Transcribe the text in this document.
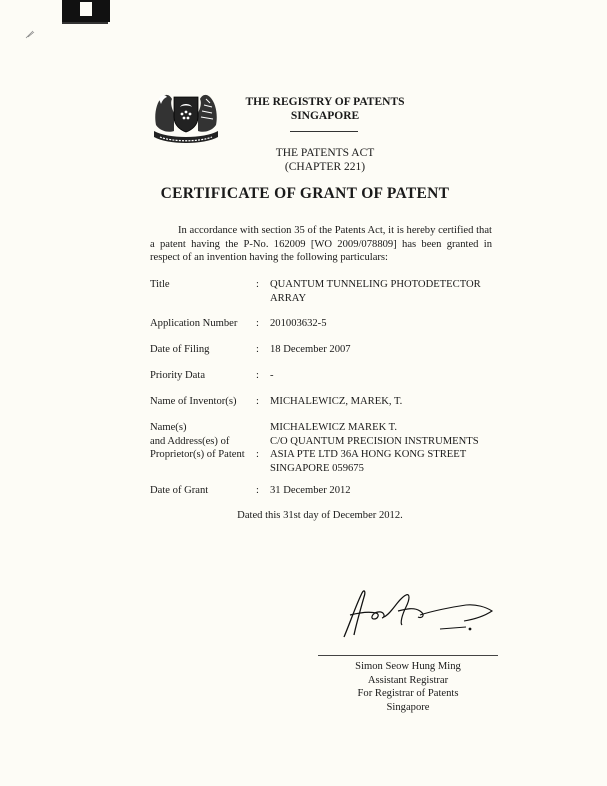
THE REGISTRY OF PATENTS
SINGAPORE
THE PATENTS ACT
(CHAPTER 221)
CERTIFICATE OF GRANT OF PATENT
In accordance with section 35 of the Patents Act, it is hereby certified that a patent having the P-No. 162009 [WO 2009/078809] has been granted in respect of an invention having the following particulars:
Title	:	QUANTUM TUNNELING PHOTODETECTOR
ARRAY
Application Number	:	201003632-5
Date of Filing	:	18 December 2007
Priority Data	:	-
Name of Inventor(s)	:	MICHALEWICZ, MAREK, T.
Name(s)
and Address(es) of
Proprietor(s) of Patent	:
MICHALEWICZ MAREK T.
C/O QUANTUM PRECISION INSTRUMENTS
ASIA PTE LTD 36A HONG KONG STREET
SINGAPORE 059675
Date of Grant	:	31 December 2012
Dated this 31st day of December 2012.
Simon Seow Hung Ming
Assistant Registrar
For Registrar of Patents
Singapore
